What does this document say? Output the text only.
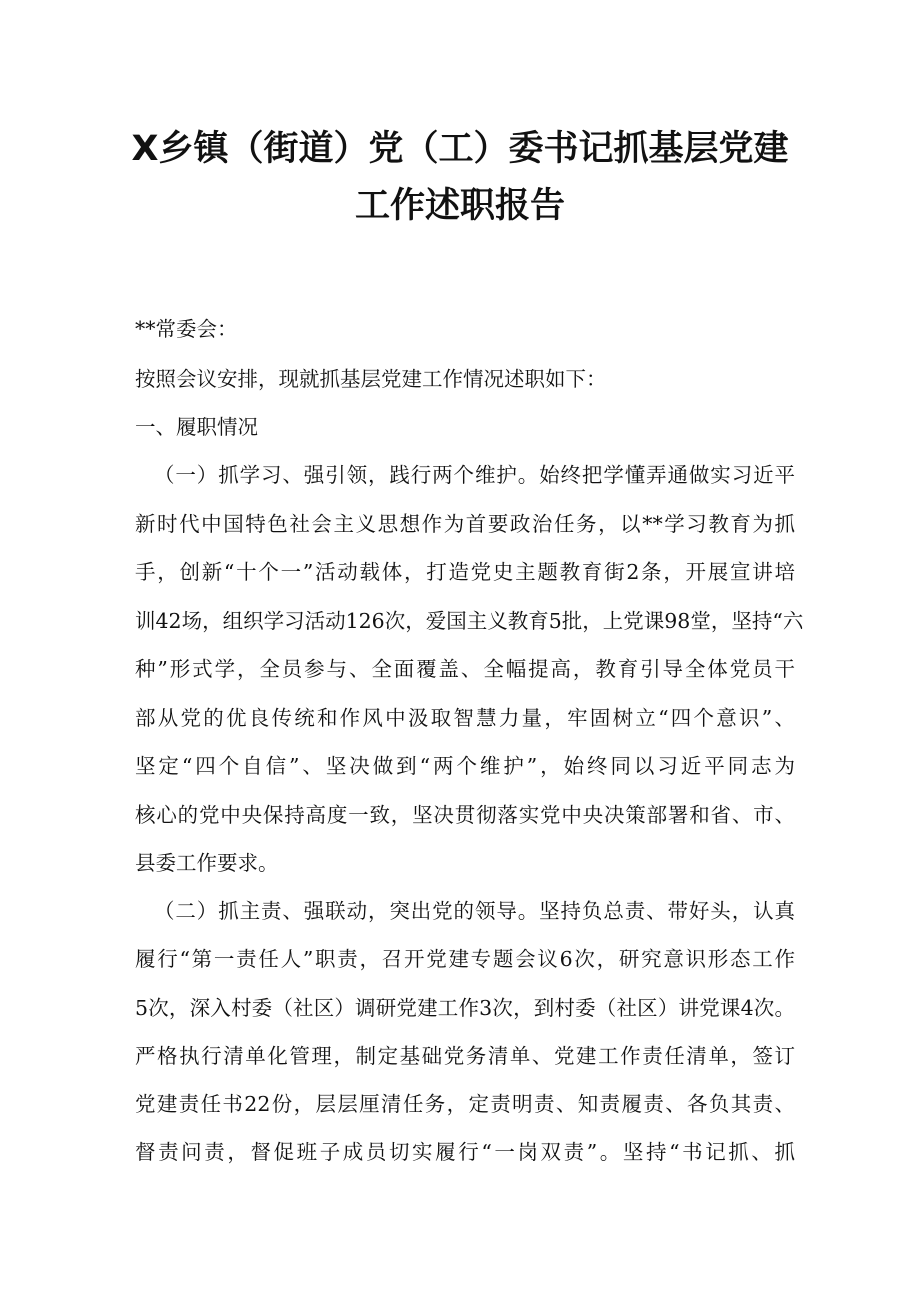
X乡镇（街道）党（工）委书记抓基层党建
工作述职报告
**常委会：
按照会议安排，现就抓基层党建工作情况述职如下：
一、履职情况
（一）抓学习、强引领，践行两个维护。始终把学懂弄通做实习近平
新时代中国特色社会主义思想作为首要政治任务，以**学习教育为抓
手，创新“十个一”活动载体，打造党史主题教育街2条，开展宣讲培
训42场，组织学习活动126次，爱国主义教育5批，上党课98堂，坚持“六
种”形式学，全员参与、全面覆盖、全幅提高，教育引导全体党员干
部从党的优良传统和作风中汲取智慧力量，牢固树立“四个意识”、
坚定“四个自信”、坚决做到“两个维护”，始终同以习近平同志为
核心的党中央保持高度一致，坚决贯彻落实党中央决策部署和省、市、
县委工作要求。
（二）抓主责、强联动，突出党的领导。坚持负总责、带好头，认真
履行“第一责任人”职责，召开党建专题会议6次，研究意识形态工作
5次，深入村委（社区）调研党建工作3次，到村委（社区）讲党课4次。
严格执行清单化管理，制定基础党务清单、党建工作责任清单，签订
党建责任书22份，层层厘清任务，定责明责、知责履责、各负其责、
督责问责，督促班子成员切实履行“一岗双责”。坚持“书记抓、抓
